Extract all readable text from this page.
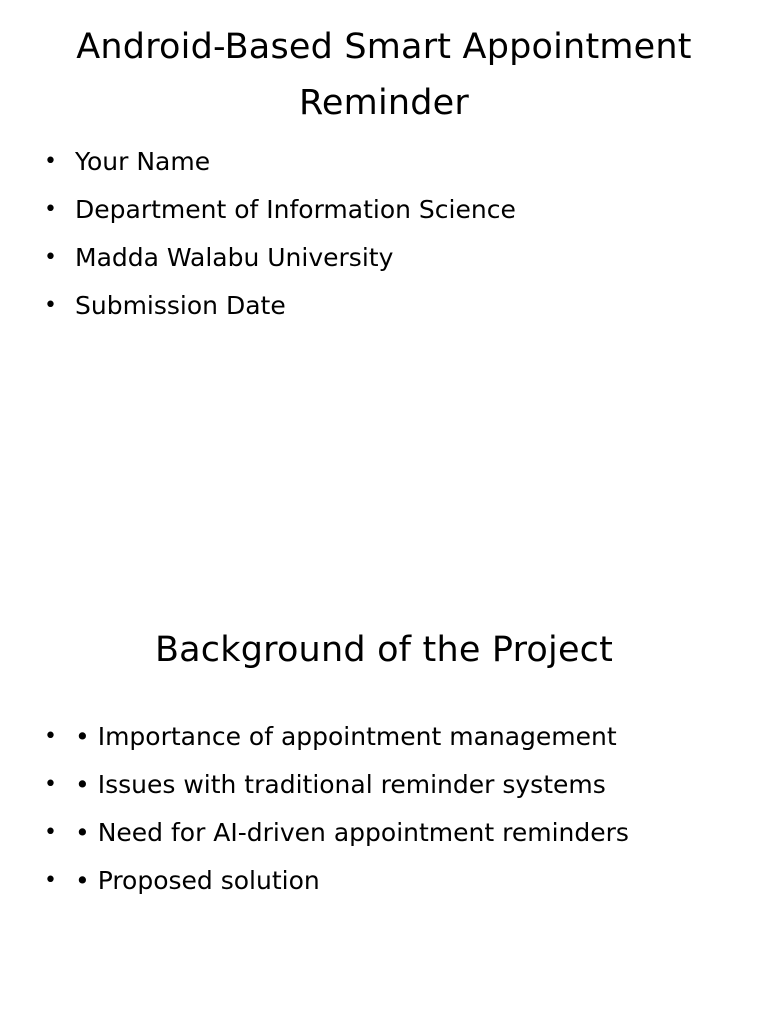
Android-Based Smart Appointment Reminder
• Your Name
• Department of Information Science
• Madda Walabu University
• Submission Date
Background of the Project
• • Importance of appointment management
• • Issues with traditional reminder systems
• • Need for AI-driven appointment reminders
• • Proposed solution
